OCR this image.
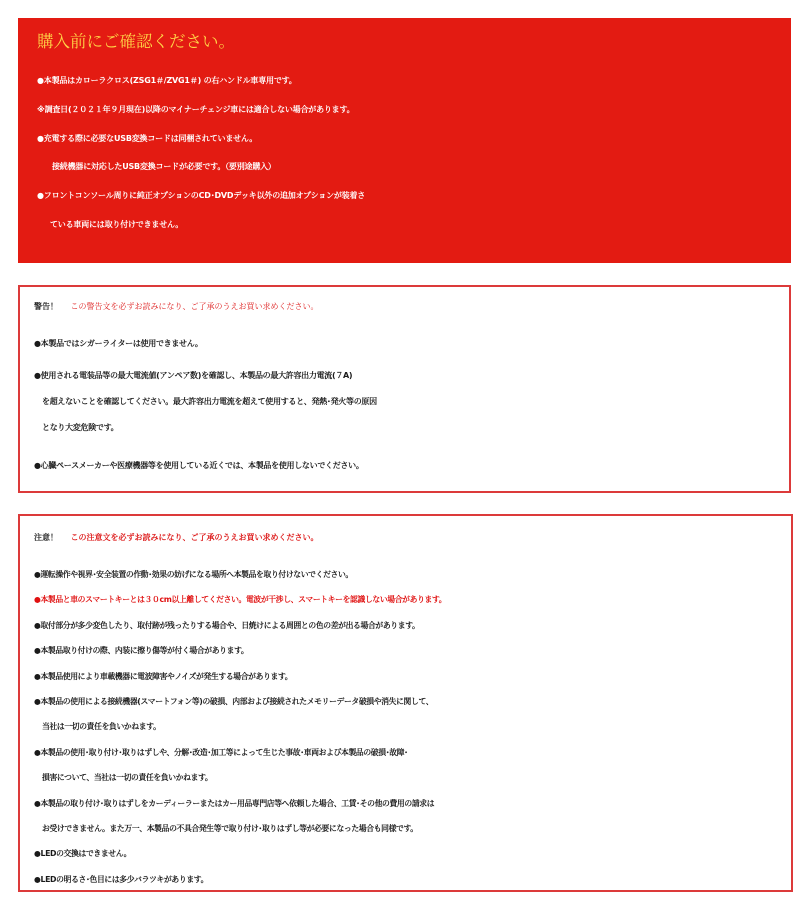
購入前にご確認ください。
●本製品はカローラクロス(ZSG1＃/ZVG1＃) の右ハンドル車専用です。
※調査日(２０２１年９月現在)以降のマイナーチェンジ車には適合しない場合があります。
●充電する際に必要なUSB変換コードは同梱されていません。
接続機器に対応したUSB変換コードが必要です。（要別途購入）
●フロントコンソール周りに純正オプションのCD･DVDデッキ以外の追加オプションが装着さ
ている車両には取り付けできません。
警告！ この警告文を必ずお読みになり、ご了承のうえお買い求めください。
●本製品ではシガーライターは使用できません。
●使用される電装品等の最大電流値(アンペア数)を確認し、本製品の最大許容出力電流(７A)
を超えないことを確認してください。最大許容出力電流を超えて使用すると、発熱･発火等の原因
となり大変危険です。
●心臓ペースメーカーや医療機器等を使用している近くでは、本製品を使用しないでください。
注意！ この注意文を必ずお読みになり、ご了承のうえお買い求めください。
●運転操作や視界･安全装置の作動･効果の妨げになる場所へ本製品を取り付けないでください。
●本製品と車のスマートキーとは３０cm以上離してください。電波が干渉し、スマートキーを認識しない場合があります。
●取付部分が多少変色したり、取付跡が残ったりする場合や、日焼けによる周囲との色の差が出る場合があります。
●本製品取り付けの際、内装に擦り傷等が付く場合があります。
●本製品使用により車載機器に電波障害やノイズが発生する場合があります。
●本製品の使用による接続機器(スマートフォン等)の破損、内部および接続されたメモリーデータ破損や消失に関して、
当社は一切の責任を負いかねます。
●本製品の使用･取り付け･取りはずしや、分解･改造･加工等によって生じた事故･車両および本製品の破損･故障･
損害について、当社は一切の責任を負いかねます。
●本製品の取り付け･取りはずしをカーディーラーまたはカー用品専門店等へ依頼した場合、工賃･その他の費用の請求は
お受けできません。また万一、本製品の不具合発生等で取り付け･取りはずし等が必要になった場合も同様です。
●LEDの交換はできません。
●LEDの明るさ･色目には多少バラツキがあります。
